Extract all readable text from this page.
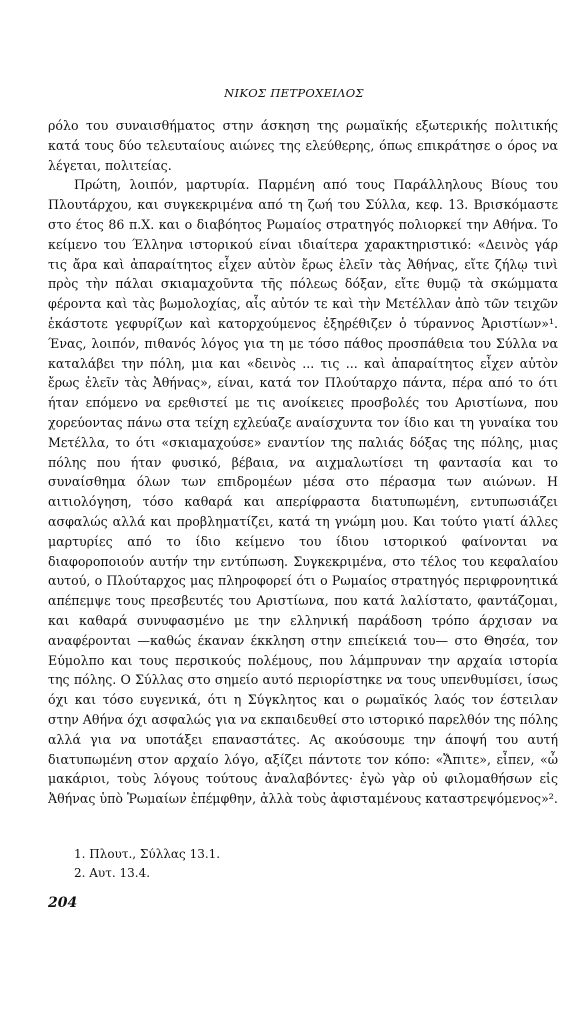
ΝΙΚΟΣ ΠΕΤΡΟΧΕΙΛΟΣ

ρόλο του συναισθήματος στην άσκηση της ρωμαϊκής εξωτερικής πολιτικής κατά τους δύο τελευταίους αιώνες της ελεύθερης, όπως επικράτησε ο όρος να λέγεται, πολιτείας.

Πρώτη, λοιπόν, μαρτυρία. Παρμένη από τους Παράλληλους Βίους του Πλουτάρχου, και συγκεκριμένα από τη ζωή του Σύλλα, κεφ. 13. Βρισκόμαστε στο έτος 86 π.Χ. και ο διαβόητος Ρωμαίος στρατηγός πολιορκεί την Αθήνα. Το κείμενο του Έλληνα ιστορικού είναι ιδιαίτερα χαρακτηριστικό: «Δεινὸς γάρ τις ἄρα καὶ ἀπαραίτητος εἶχεν αὐτὸν ἔρως ἑλεῖν τὰς Ἀθήνας, εἴτε ζήλῳ τινὶ πρὸς τὴν πάλαι σκιαμαχοῦντα τῆς πόλεως δόξαν, εἴτε θυμῷ τὰ σκώμματα φέροντα καὶ τὰς βωμολοχίας, αἷς αὐτόν τε καὶ τὴν Μετέλλαν ἀπὸ τῶν τειχῶν ἑκάστοτε γεφυρίζων καὶ κατορχούμενος ἐξηρέθιζεν ὁ τύραννος Ἀριστίων»¹. Ένας, λοιπόν, πιθανός λόγος για τη με τόσο πάθος προσπάθεια του Σύλλα να καταλάβει την πόλη, μια και «δεινὸς ... τις ... καὶ ἀπαραίτητος εἶχεν αὐτὸν ἔρως ἑλεῖν τὰς Ἀθήνας», είναι, κατά τον Πλούταρχο πάντα, πέρα από το ότι ήταν επόμενο να ερεθιστεί με τις ανοίκειες προσβολές του Αριστίωνα, που χορεύοντας πάνω στα τείχη εχλεύαζε αναίσχυντα τον ίδιο και τη γυναίκα του Μετέλλα, το ότι «σκιαμαχούσε» εναντίον της παλιάς δόξας της πόλης, μιας πόλης που ήταν φυσικό, βέβαια, να αιχμαλωτίσει τη φαντασία και το συναίσθημα όλων των επιδρομέων μέσα στο πέρασμα των αιώνων. Η αιτιολόγηση, τόσο καθαρά και απερίφραστα διατυπωμένη, εντυπωσιάζει ασφαλώς αλλά και προβληματίζει, κατά τη γνώμη μου. Και τούτο γιατί άλλες μαρτυρίες από το ίδιο κείμενο του ίδιου ιστορικού φαίνονται να διαφοροποιούν αυτήν την εντύπωση. Συγκεκριμένα, στο τέλος του κεφαλαίου αυτού, ο Πλούταρχος μας πληροφορεί ότι ο Ρωμαίος στρατηγός περιφρονητικά απέπεμψε τους πρεσβευτές του Αριστίωνα, που κατά λαλίστατο, φαντάζομαι, και καθαρά συνυφασμένο με την ελληνική παράδοση τρόπο άρχισαν να αναφέρονται —καθώς έκαναν έκκληση στην επιείκειά του— στο Θησέα, τον Εύμολπο και τους περσικούς πολέμους, που λάμπρυναν την αρχαία ιστορία της πόλης. Ο Σύλλας στο σημείο αυτό περιορίστηκε να τους υπενθυμίσει, ίσως όχι και τόσο ευγενικά, ότι η Σύγκλητος και ο ρωμαϊκός λαός τον έστειλαν στην Αθήνα όχι ασφαλώς για να εκπαιδευθεί στο ιστορικό παρελθόν της πόλης αλλά για να υποτάξει επαναστάτες. Ας ακούσουμε την άποψή του αυτή διατυπωμένη στον αρχαίο λόγο, αξίζει πάντοτε τον κόπο: «Ἄπιτε», εἶπεν, «ὦ μακάριοι, τοὺς λόγους τούτους ἀναλαβόντες· ἐγὼ γὰρ οὐ φιλομαθήσων εἰς Ἀθήνας ὑπὸ Ῥωμαίων ἐπέμφθην, ἀλλὰ τοὺς ἀφισταμένους καταστρεψόμενος»².

1. Πλουτ., Σύλλας 13.1.

2. Αυτ. 13.4.

204
